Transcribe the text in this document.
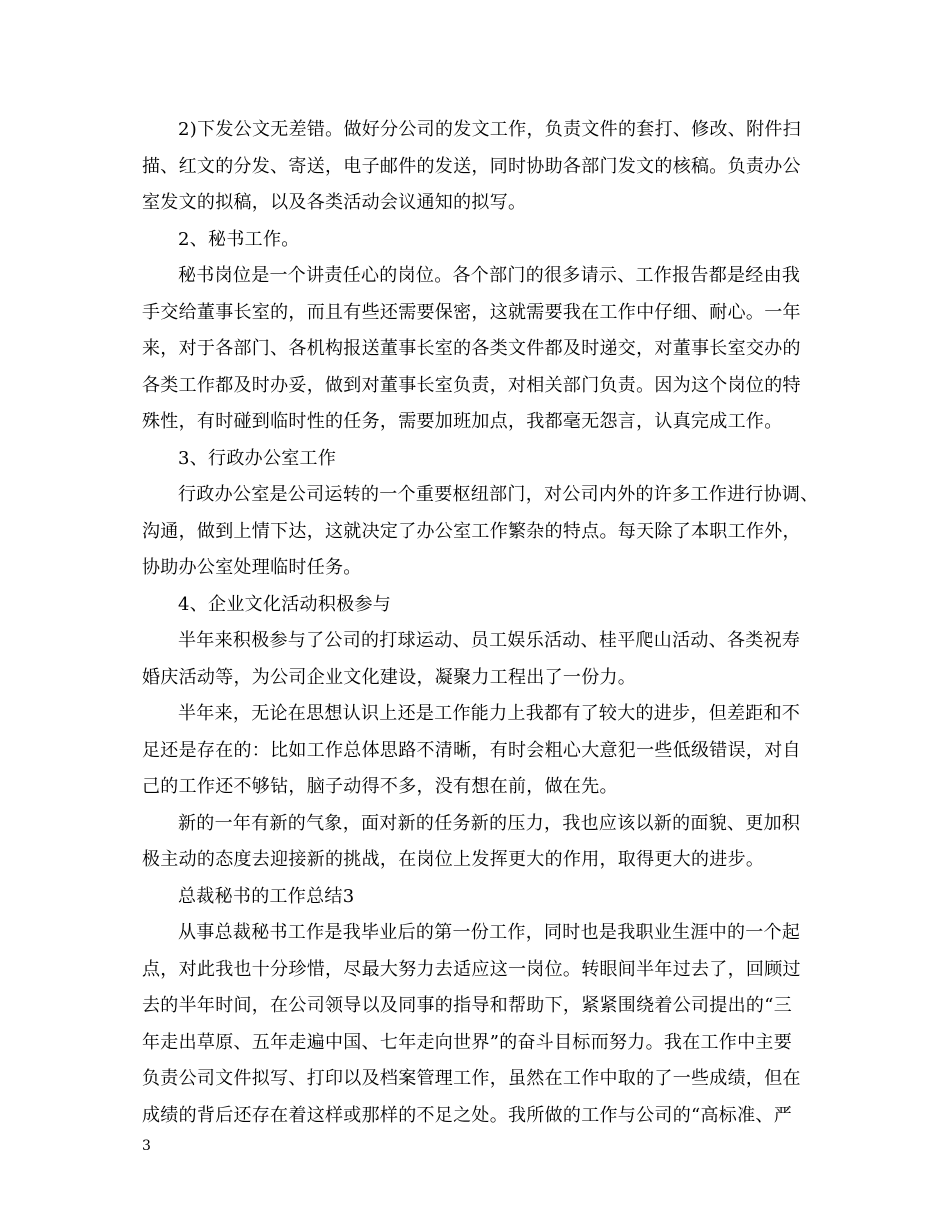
2)下发公文无差错。做好分公司的发文工作，负责文件的套打、修改、附件扫
描、红文的分发、寄送，电子邮件的发送，同时协助各部门发文的核稿。负责办公
室发文的拟稿，以及各类活动会议通知的拟写。

2、秘书工作。

秘书岗位是一个讲责任心的岗位。各个部门的很多请示、工作报告都是经由我
手交给董事长室的，而且有些还需要保密，这就需要我在工作中仔细、耐心。一年
来，对于各部门、各机构报送董事长室的各类文件都及时递交，对董事长室交办的
各类工作都及时办妥，做到对董事长室负责，对相关部门负责。因为这个岗位的特
殊性，有时碰到临时性的任务，需要加班加点，我都毫无怨言，认真完成工作。

3、行政办公室工作

行政办公室是公司运转的一个重要枢纽部门，对公司内外的许多工作进行协调、
沟通，做到上情下达，这就决定了办公室工作繁杂的特点。每天除了本职工作外，
协助办公室处理临时任务。

4、企业文化活动积极参与

半年来积极参与了公司的打球运动、员工娱乐活动、桂平爬山活动、各类祝寿
婚庆活动等，为公司企业文化建设，凝聚力工程出了一份力。

半年来，无论在思想认识上还是工作能力上我都有了较大的进步，但差距和不
足还是存在的：比如工作总体思路不清晰，有时会粗心大意犯一些低级错误，对自
己的工作还不够钻，脑子动得不多，没有想在前，做在先。

新的一年有新的气象，面对新的任务新的压力，我也应该以新的面貌、更加积
极主动的态度去迎接新的挑战，在岗位上发挥更大的作用，取得更大的进步。

总裁秘书的工作总结3

从事总裁秘书工作是我毕业后的第一份工作，同时也是我职业生涯中的一个起
点，对此我也十分珍惜，尽最大努力去适应这一岗位。转眼间半年过去了，回顾过
去的半年时间，在公司领导以及同事的指导和帮助下，紧紧围绕着公司提出的“三
年走出草原、五年走遍中国、七年走向世界”的奋斗目标而努力。我在工作中主要
负责公司文件拟写、打印以及档案管理工作，虽然在工作中取的了一些成绩，但在
成绩的背后还存在着这样或那样的不足之处。我所做的工作与公司的“高标准、严

3
